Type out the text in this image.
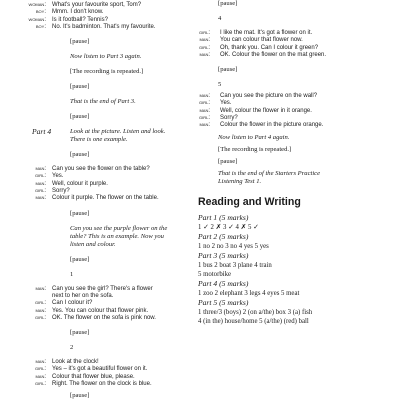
woman: What's your favourite sport, Tom?
boy: Mmm. I don't know.
woman: Is it football? Tennis?
boy: No. It's badminton. That's my favourite.
[pause]
Now listen to Part 3 again.
[The recording is repeated.]
[pause]
That is the end of Part 3.
[pause]
Part 4	Look at the picture. Listen and look.
There is one example.
[pause]
man: Can you see the flower on the table?
girl: Yes.
man: Well, colour it purple.
girl: Sorry?
man: Colour it purple. The flower on the table.
[pause]
Can you see the purple flower on the
table? This is an example. Now you
listen and colour.
[pause]
1
man: Can you see the girl? There's a flower
next to her on the sofa.
girl: Can I colour it?
man: Yes. You can colour that flower pink.
girl: OK. The flower on the sofa is pink now.
[pause]
2
man: Look at the clock!
girl: Yes – it's got a beautiful flower on it.
man: Colour that flower blue, please.
girl: Right. The flower on the clock is blue.
[pause]
[pause]
4
girl: I like the mat. It's got a flower on it.
man: You can colour that flower now.
girl: Oh, thank you. Can I colour it green?
man: OK. Colour the flower on the mat green.
[pause]
5
man: Can you see the picture on the wall?
girl: Yes.
man: Well, colour the flower in it orange.
girl: Sorry?
man: Colour the flower in the picture orange.
Now listen to Part 4 again.
[The recording is repeated.]
[pause]
That is the end of the Starters Practice
Listening Test 1.
Reading and Writing
Part 1 (5 marks)
1 ✓ 2 ✗ 3 ✓ 4 ✗ 5 ✓
Part 2 (5 marks)
1 no 2 no 3 no 4 yes 5 yes
Part 3 (5 marks)
1 bus 2 boat 3 plane 4 train
5 motorbike
Part 4 (5 marks)
1 zoo 2 elephant 3 legs 4 eyes 5 meat
Part 5 (5 marks)
1 three/3 (boys) 2 (on a/the) box 3 (a) fish
4 (in the) house/home 5 (a/the) (red) ball
